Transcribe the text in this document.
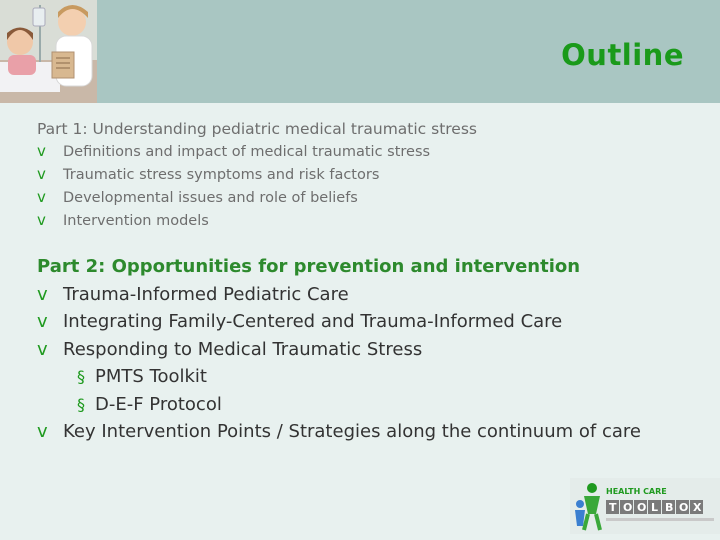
Outline
Part 1: Understanding pediatric medical traumatic stress
v	Definitions and impact of medical traumatic stress
v	Traumatic stress symptoms and risk factors
v	Developmental issues and role of beliefs
v	Intervention models
Part 2: Opportunities for prevention and intervention
v Trauma-Informed Pediatric Care
v Integrating Family-Centered and Trauma-Informed Care
v Responding to Medical Traumatic Stress
§ PMTS Toolkit
§ D-E-F Protocol
v Key Intervention Points / Strategies along the continuum of care
HEALTH CARE
T O O L B O X
